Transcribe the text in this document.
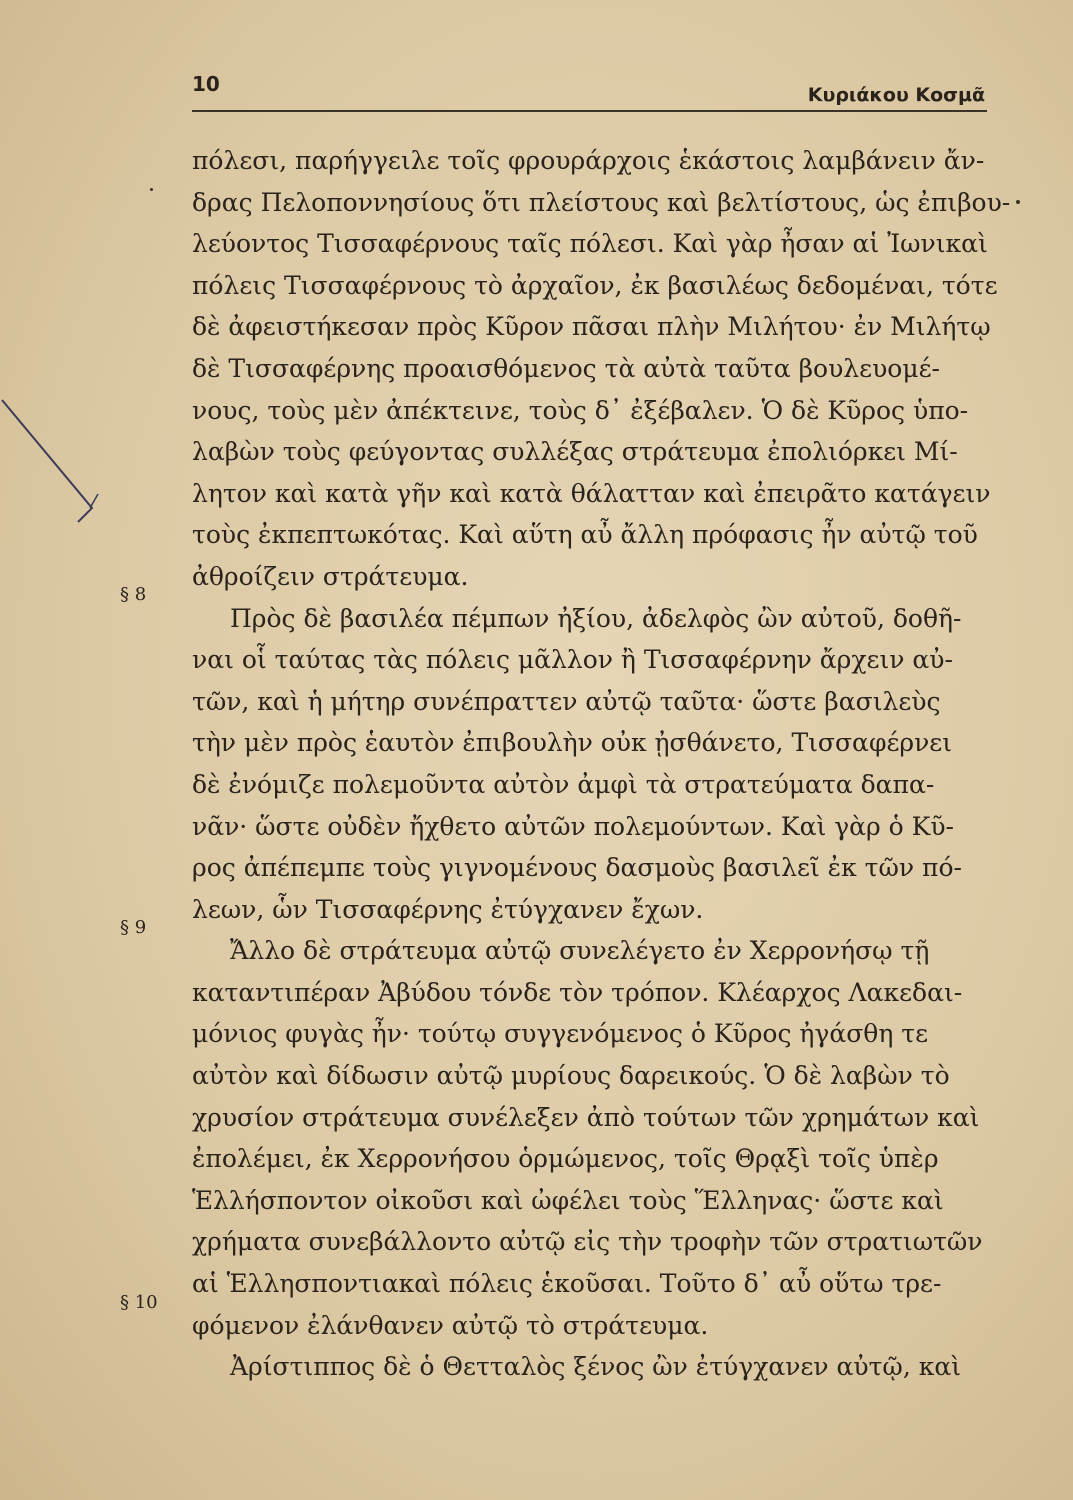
10	Κυριάκου Κοσμᾶ
§ 8
§ 9
§ 10
πόλεσι, παρήγγειλε τοῖς φρουράρχοις ἑκάστοις λαμβάνειν ἄν-
δρας Πελοποννησίους ὅτι πλείστους καὶ βελτίστους, ὡς ἐπιβου-
λεύοντος Τισσαφέρνους ταῖς πόλεσι. Καὶ γὰρ ἦσαν αἱ Ἰωνικαὶ
πόλεις Τισσαφέρνους τὸ ἀρχαῖον, ἐκ βασιλέως δεδομέναι, τότε
δὲ ἀφειστήκεσαν πρὸς Κῦρον πᾶσαι πλὴν Μιλήτου· ἐν Μιλήτῳ
δὲ Τισσαφέρνης προαισθόμενος τὰ αὐτὰ ταῦτα βουλευομέ-
νους, τοὺς μὲν ἀπέκτεινε, τοὺς δ᾽ ἐξέβαλεν. Ὁ δὲ Κῦρος ὑπο-
λαβὼν τοὺς φεύγοντας συλλέξας στράτευμα ἐπολιόρκει Μί-
λητον καὶ κατὰ γῆν καὶ κατὰ θάλατταν καὶ ἐπειρᾶτο κατάγειν
τοὺς ἐκπεπτωκότας. Καὶ αὕτη αὖ ἄλλη πρόφασις ἦν αὐτῷ τοῦ
ἀθροίζειν στράτευμα.
Πρὸς δὲ βασιλέα πέμπων ἠξίου, ἀδελφὸς ὢν αὐτοῦ, δοθῆ-
ναι οἷ ταύτας τὰς πόλεις μᾶλλον ἢ Τισσαφέρνην ἄρχειν αὐ-
τῶν, καὶ ἡ μήτηρ συνέπραττεν αὐτῷ ταῦτα· ὥστε βασιλεὺς
τὴν μὲν πρὸς ἑαυτὸν ἐπιβουλὴν οὐκ ᾐσθάνετο, Τισσαφέρνει
δὲ ἐνόμιζε πολεμοῦντα αὐτὸν ἀμφὶ τὰ στρατεύματα δαπα-
νᾶν· ὥστε οὐδὲν ἤχθετο αὐτῶν πολεμούντων. Καὶ γὰρ ὁ Κῦ-
ρος ἀπέπεμπε τοὺς γιγνομένους δασμοὺς βασιλεῖ ἐκ τῶν πό-
λεων, ὧν Τισσαφέρνης ἐτύγχανεν ἔχων.
Ἄλλο δὲ στράτευμα αὐτῷ συνελέγετο ἐν Χερρονήσῳ τῇ
καταντιπέραν Ἀβύδου τόνδε τὸν τρόπον. Κλέαρχος Λακεδαι-
μόνιος φυγὰς ἦν· τούτῳ συγγενόμενος ὁ Κῦρος ἠγάσθη τε
αὐτὸν καὶ δίδωσιν αὐτῷ μυρίους δαρεικούς. Ὁ δὲ λαβὼν τὸ
χρυσίον στράτευμα συνέλεξεν ἀπὸ τούτων τῶν χρημάτων καὶ
ἐπολέμει, ἐκ Χερρονήσου ὁρμώμενος, τοῖς Θρᾳξὶ τοῖς ὑπὲρ
Ἑλλήσποντον οἰκοῦσι καὶ ὠφέλει τοὺς Ἕλληνας· ὥστε καὶ
χρήματα συνεβάλλοντο αὐτῷ εἰς τὴν τροφὴν τῶν στρατιωτῶν
αἱ Ἑλλησποντιακαὶ πόλεις ἑκοῦσαι. Τοῦτο δ᾽ αὖ οὕτω τρε-
φόμενον ἐλάνθανεν αὐτῷ τὸ στράτευμα.
Ἀρίστιππος δὲ ὁ Θετταλὸς ξένος ὢν ἐτύγχανεν αὐτῷ, καὶ
